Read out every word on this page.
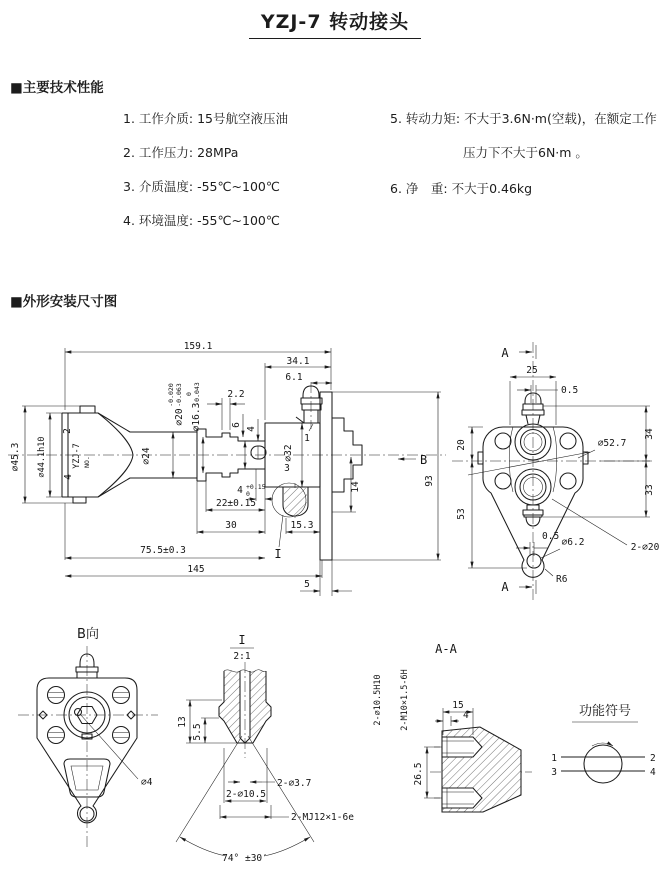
YZJ-7 转动接头
■主要技术性能
1. 工作介质: 15号航空液压油
2. 工作压力: 28MPa
3. 介质温度: -55℃~100℃
4. 环境温度: -55℃~100℃
5. 转动力矩: 不大于3.6N·m(空载)，在额定工作
压力下不大于6N·m 。
6. 净　重: 不大于0.46kg
■外形安装尺寸图
159.1
34.1
6.1
2.2
⌀45.3 ⌀44.1h10	⌀24
⌀20
-0.020 -0.063
⌀16.3
0 -0.043
6
4
⌀32
1
3
2
YZJ-7 NO.
4	93
B
14
4 +0.15
0
22±0.15
30	15.3
75.5±0.3
145
5
I
A
A
25
0.5
20
53
34
33
⌀52.7
0.5
⌀6.2	2-⌀20
R6
B向
⌀4
I
2:1
13
5.5
2-⌀3.7
2-⌀10.5
2-MJ12×1-6e
74° ±30′
A-A
15
4
26.5
2-⌀10.5H10 2-M10×1.5-6H	功能符号
1	2
3	4
